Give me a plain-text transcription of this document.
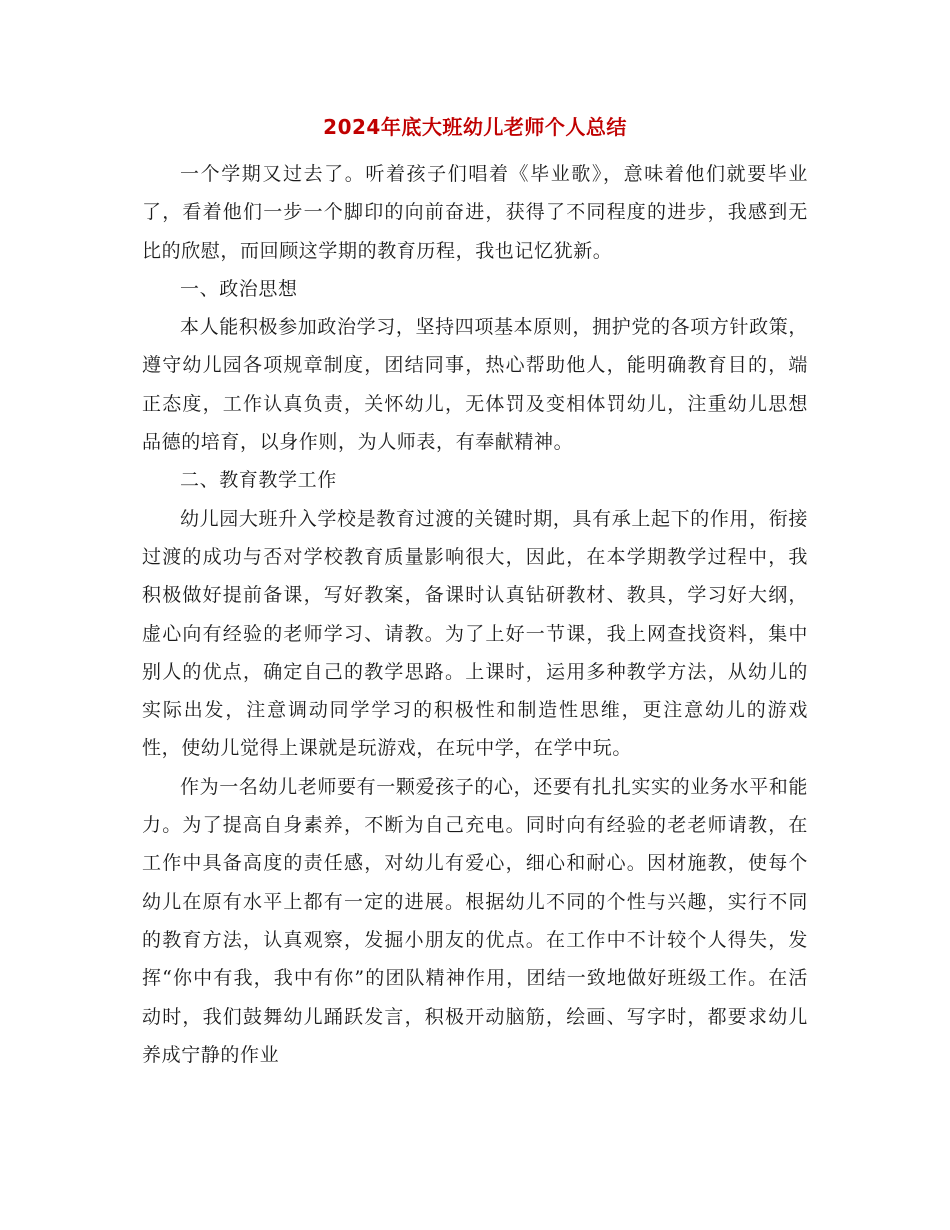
2024年底大班幼儿老师个人总结

一个学期又过去了。听着孩子们唱着《毕业歌》，意味着他们就要毕业了，看着他们一步一个脚印的向前奋进，获得了不同程度的进步，我感到无比的欣慰，而回顾这学期的教育历程，我也记忆犹新。

一、政治思想

本人能积极参加政治学习，坚持四项基本原则，拥护党的各项方针政策，遵守幼儿园各项规章制度，团结同事，热心帮助他人，能明确教育目的，端正态度，工作认真负责，关怀幼儿，无体罚及变相体罚幼儿，注重幼儿思想品德的培育，以身作则，为人师表，有奉献精神。

二、教育教学工作

幼儿园大班升入学校是教育过渡的关键时期，具有承上起下的作用，衔接过渡的成功与否对学校教育质量影响很大，因此，在本学期教学过程中，我积极做好提前备课，写好教案，备课时认真钻研教材、教具，学习好大纲，虚心向有经验的老师学习、请教。为了上好一节课，我上网查找资料，集中别人的优点，确定自己的教学思路。上课时，运用多种教学方法，从幼儿的实际出发，注意调动同学学习的积极性和制造性思维，更注意幼儿的游戏性，使幼儿觉得上课就是玩游戏，在玩中学，在学中玩。

作为一名幼儿老师要有一颗爱孩子的心，还要有扎扎实实的业务水平和能力。为了提高自身素养，不断为自己充电。同时向有经验的老老师请教，在工作中具备高度的责任感，对幼儿有爱心，细心和耐心。因材施教，使每个幼儿在原有水平上都有一定的进展。根据幼儿不同的个性与兴趣，实行不同的教育方法，认真观察，发掘小朋友的优点。在工作中不计较个人得失，发挥“你中有我，我中有你”的团队精神作用，团结一致地做好班级工作。在活动时，我们鼓舞幼儿踊跃发言，积极开动脑筋，绘画、写字时，都要求幼儿养成宁静的作业
